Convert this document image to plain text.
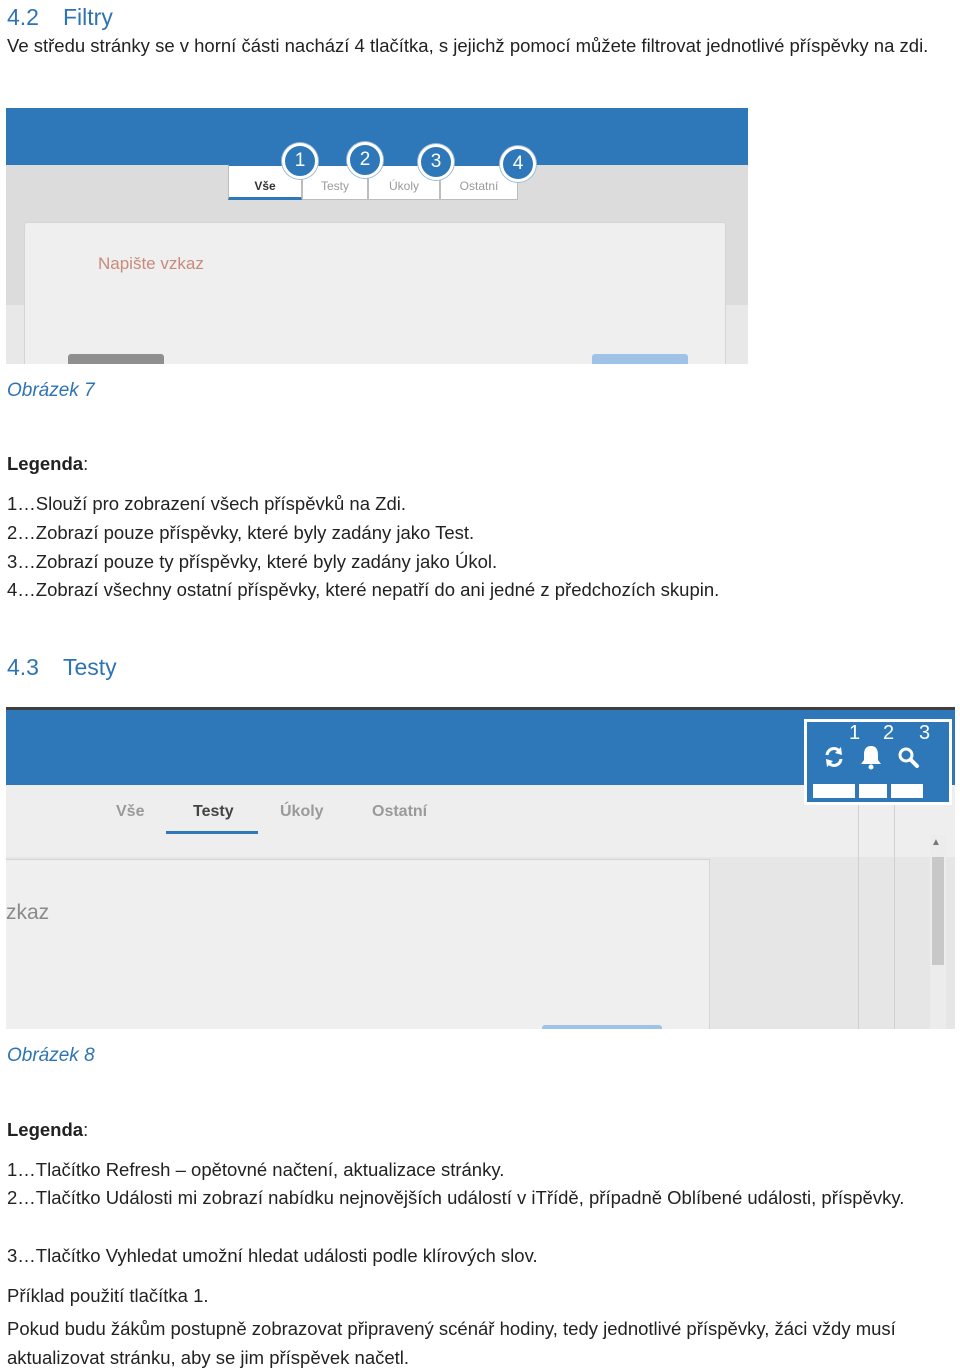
4.2 Filtry
Ve středu stránky se v horní části nachází 4 tlačítka, s jejichž pomocí můžete filtrovat jednotlivé příspěvky na zdi.
Napište vzkaz
Vše	Testy	Úkoly	Ostatní
1	2	3	4
Obrázek 7
Legenda:
1…Slouží pro zobrazení všech příspěvků na Zdi.
2…Zobrazí pouze příspěvky, které byly zadány jako Test.
3…Zobrazí pouze ty příspěvky, které byly zadány jako Úkol.
4…Zobrazí všechny ostatní příspěvky, které nepatří do ani jedné z předchozích skupin.
4.3 Testy
Vše	Testy	Úkoly	Ostatní
zkaz
▲
1 2 3
Obrázek 8
Legenda:
1…Tlačítko Refresh – opětovné načtení, aktualizace stránky.
2…Tlačítko Události mi zobrazí nabídku nejnovějších událostí v iTřídě, případně Oblíbené události, příspěvky.
3…Tlačítko Vyhledat umožní hledat události podle klírových slov.
Příklad použití tlačítka 1.
Pokud budu žákům postupně zobrazovat připravený scénář hodiny, tedy jednotlivé příspěvky, žáci vždy musí aktualizovat stránku, aby se jim příspěvek načetl.
